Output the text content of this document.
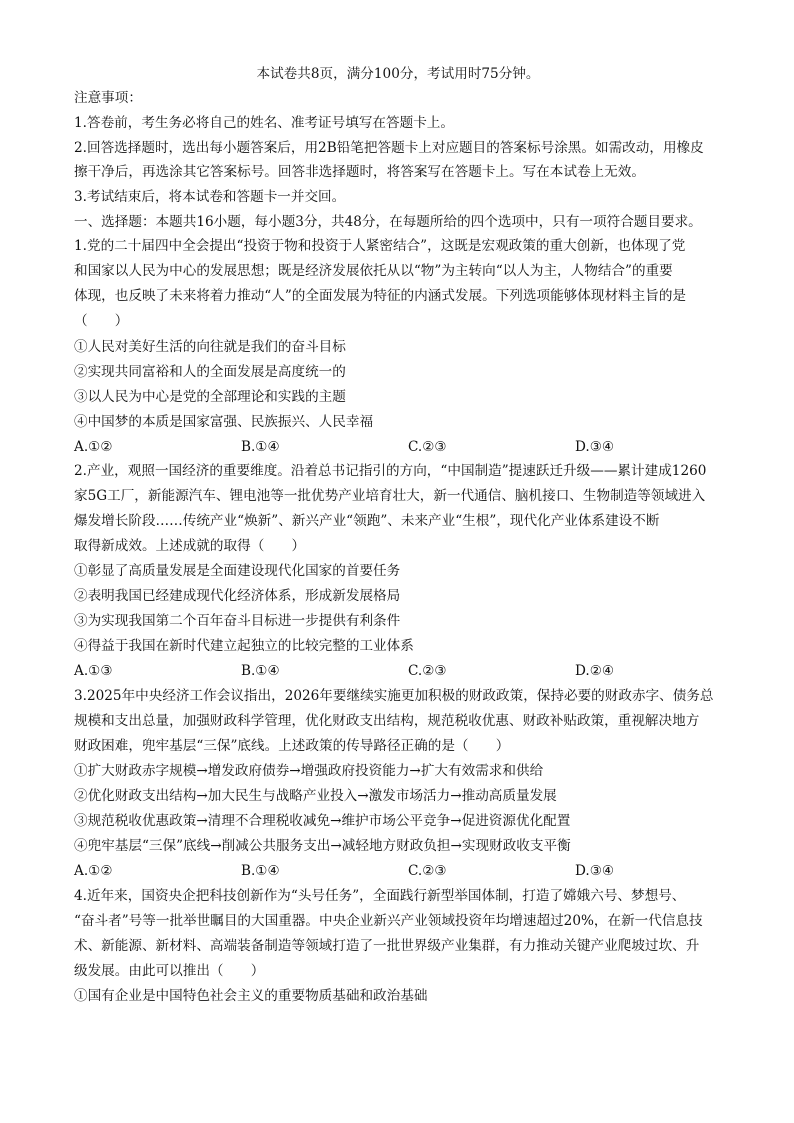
本试卷共8页，满分100分，考试用时75分钟。
注意事项：
1.答卷前，考生务必将自己的姓名、准考证号填写在答题卡上。
2.回答选择题时，选出每小题答案后，用2B铅笔把答题卡上对应题目的答案标号涂黑。如需改动，用橡皮
擦干净后，再选涂其它答案标号。回答非选择题时，将答案写在答题卡上。写在本试卷上无效。
3.考试结束后，将本试卷和答题卡一并交回。
一、选择题：本题共16小题，每小题3分，共48分，在每题所给的四个选项中，只有一项符合题目要求。
1.党的二十届四中全会提出“投资于物和投资于人紧密结合”，这既是宏观政策的重大创新，也体现了党
和国家以人民为中心的发展思想；既是经济发展依托从以“物”为主转向“以人为主，人物结合”的重要
体现，也反映了未来将着力推动“人”的全面发展为特征的内涵式发展。下列选项能够体现材料主旨的是
（　　）
①人民对美好生活的向往就是我们的奋斗目标
②实现共同富裕和人的全面发展是高度统一的
③以人民为中心是党的全部理论和实践的主题
④中国梦的本质是国家富强、民族振兴、人民幸福
A.①②	B.①④	C.②③	D.③④
2.产业，观照一国经济的重要维度。沿着总书记指引的方向，“中国制造”提速跃迁升级——累计建成1260
家5G工厂，新能源汽车、锂电池等一批优势产业培育壮大，新一代通信、脑机接口、生物制造等领域进入
爆发增长阶段……传统产业“焕新”、新兴产业“领跑”、未来产业“生根”，现代化产业体系建设不断
取得新成效。上述成就的取得（　　）
①彰显了高质量发展是全面建设现代化国家的首要任务
②表明我国已经建成现代化经济体系，形成新发展格局
③为实现我国第二个百年奋斗目标进一步提供有利条件
④得益于我国在新时代建立起独立的比较完整的工业体系
A.①③	B.①④	C.②③	D.②④
3.2025年中央经济工作会议指出，2026年要继续实施更加积极的财政政策，保持必要的财政赤字、债务总
规模和支出总量，加强财政科学管理，优化财政支出结构，规范税收优惠、财政补贴政策，重视解决地方
财政困难，兜牢基层“三保”底线。上述政策的传导路径正确的是（　　）
①扩大财政赤字规模→增发政府债券→增强政府投资能力→扩大有效需求和供给
②优化财政支出结构→加大民生与战略产业投入→激发市场活力→推动高质量发展
③规范税收优惠政策→清理不合理税收减免→维护市场公平竞争→促进资源优化配置
④兜牢基层“三保”底线→削减公共服务支出→减轻地方财政负担→实现财政收支平衡
A.①②	B.①④	C.②③	D.③④
4.近年来，国资央企把科技创新作为“头号任务”，全面践行新型举国体制，打造了嫦娥六号、梦想号、
“奋斗者”号等一批举世瞩目的大国重器。中央企业新兴产业领域投资年均增速超过20%，在新一代信息技
术、新能源、新材料、高端装备制造等领域打造了一批世界级产业集群，有力推动关键产业爬坡过坎、升
级发展。由此可以推出（　　）
①国有企业是中国特色社会主义的重要物质基础和政治基础
